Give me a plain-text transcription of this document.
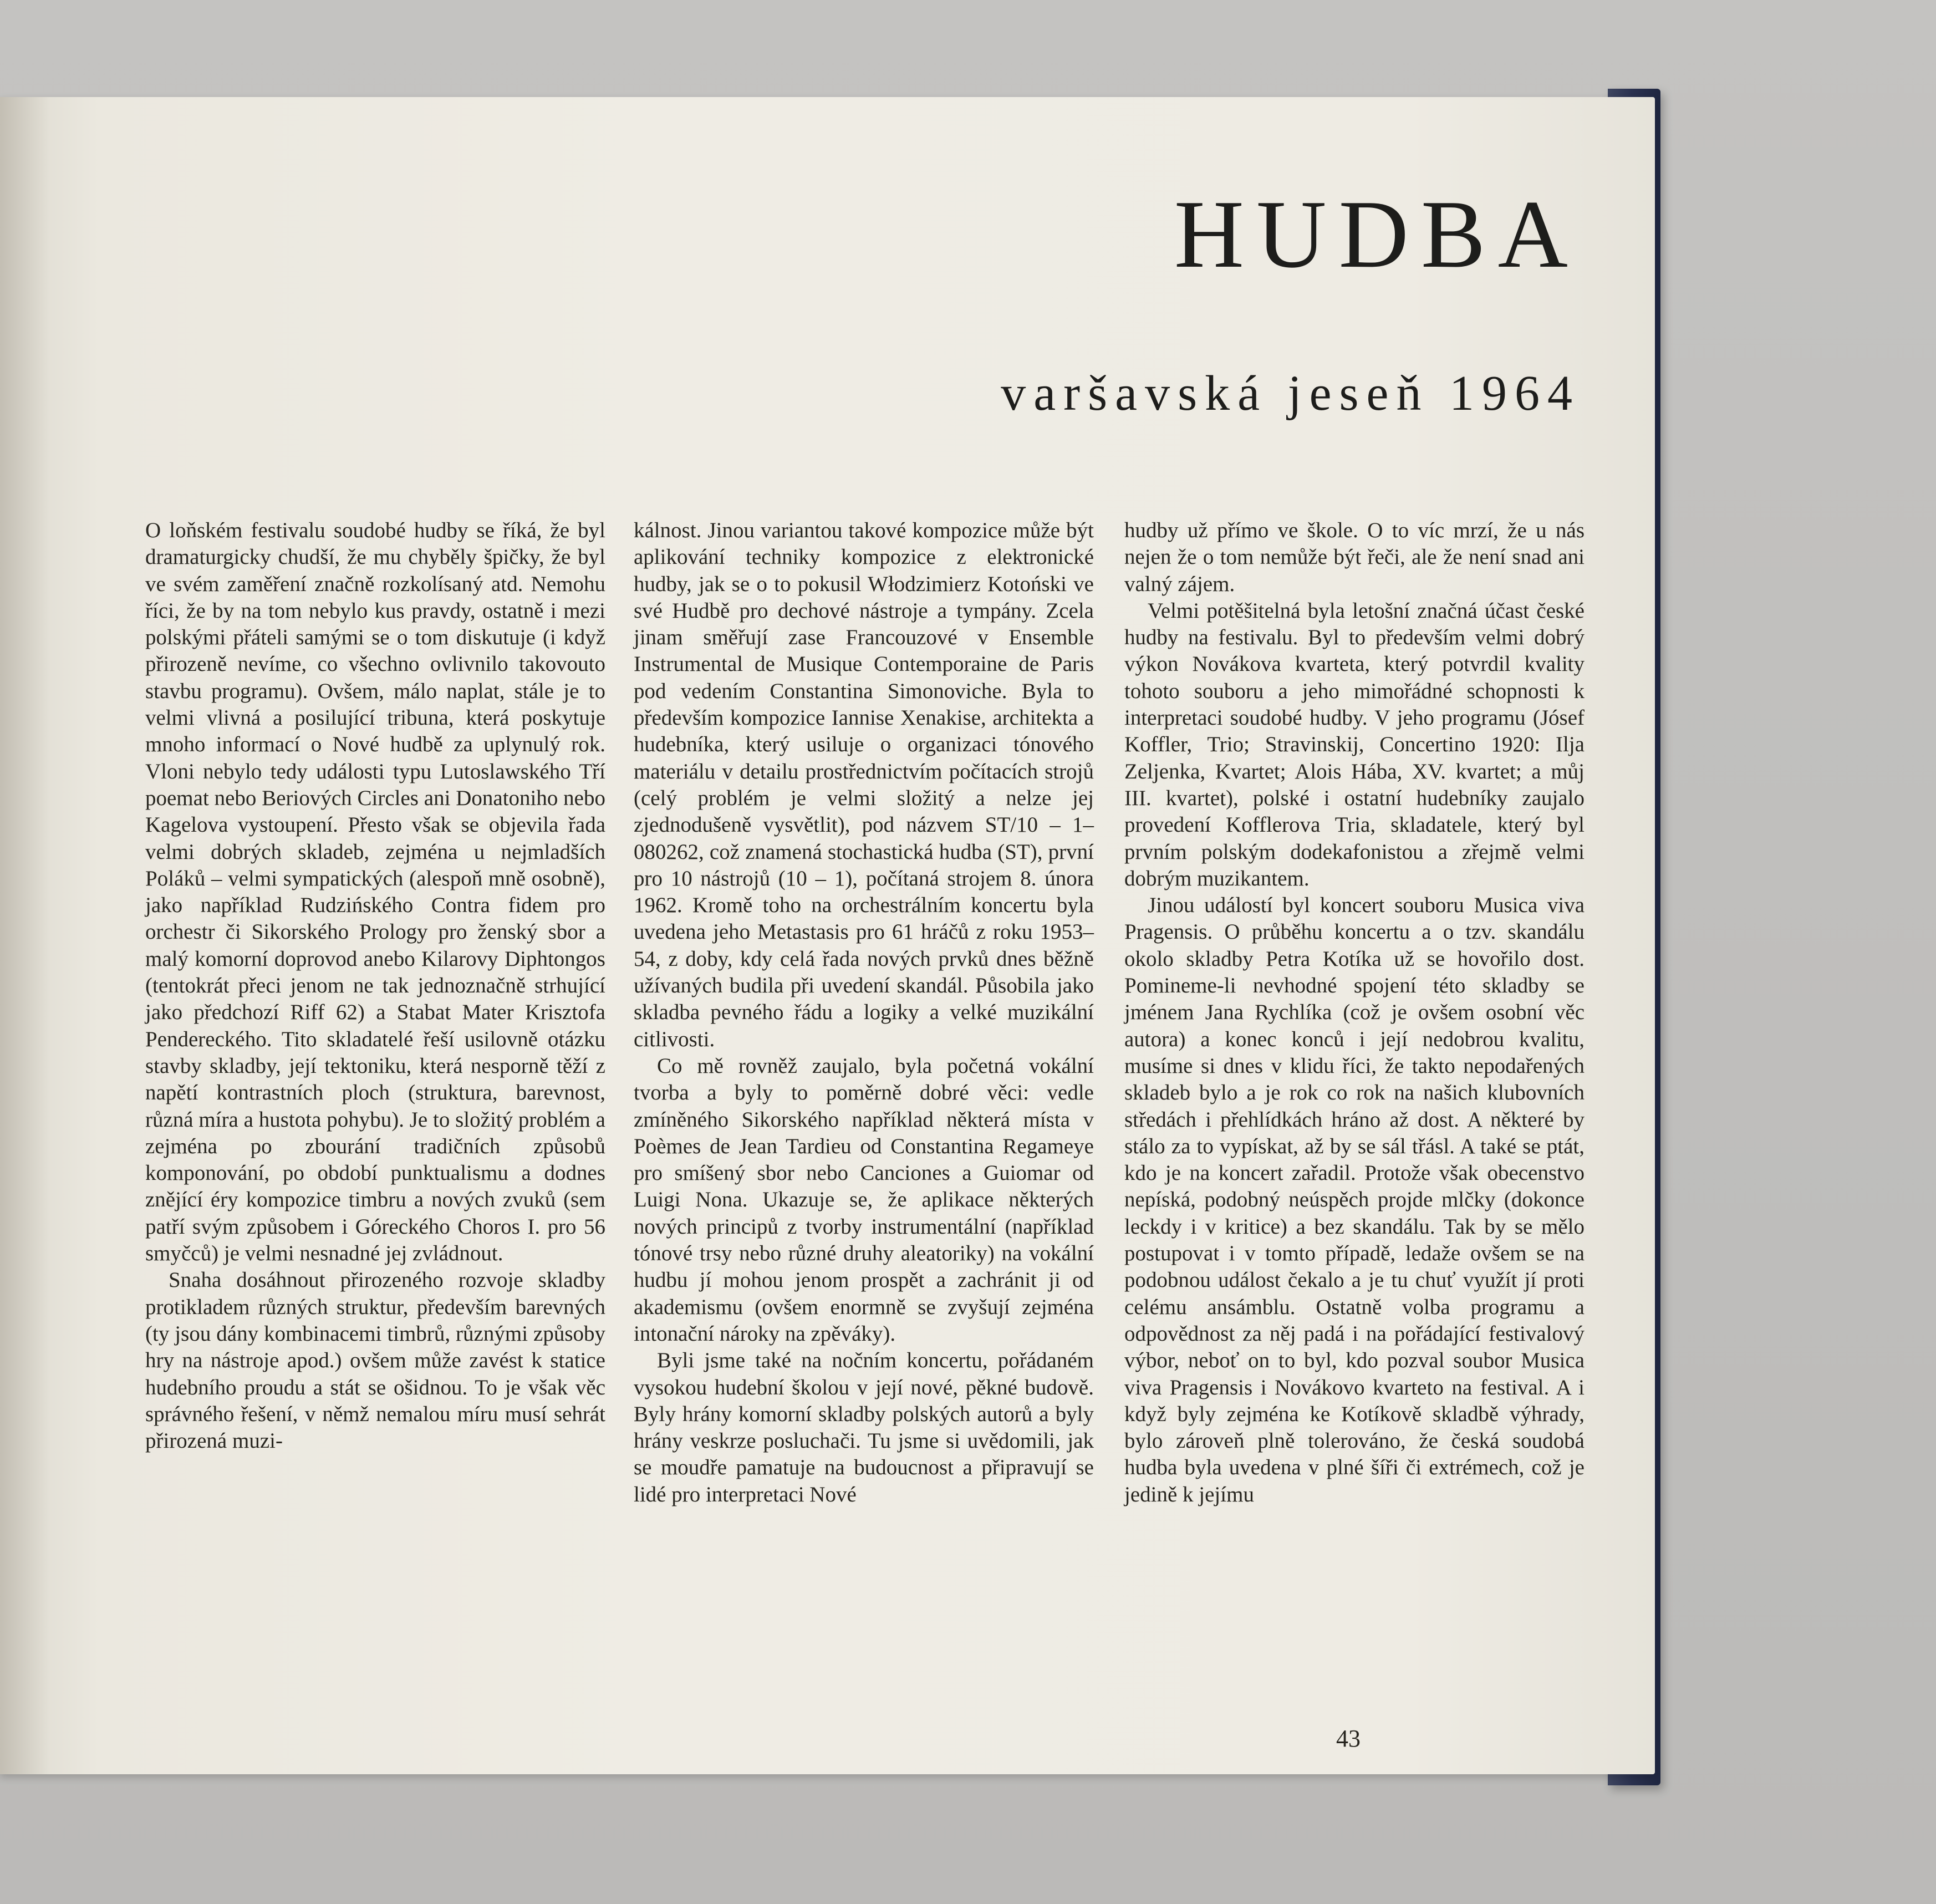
HUDBA
varšavská jeseň 1964

O loňském festivalu soudobé hudby se říká, že byl dramaturgicky chudší, že mu chyběly špičky, že byl ve svém zaměření značně rozkolísaný atd. Nemohu říci, že by na tom nebylo kus pravdy, ostatně i mezi polskými přáteli samými se o tom diskutuje (i když přirozeně nevíme, co všechno ovlivnilo takovouto stavbu programu). Ovšem, málo naplat, stále je to velmi vlivná a posilující tribuna, která poskytuje mnoho informací o Nové hudbě za uplynulý rok. Vloni nebylo tedy události typu Lutoslawského Tří poemat nebo Beriových Circles ani Donatoniho nebo Kagelova vystoupení. Přesto však se objevila řada velmi dobrých skladeb, zejména u nejmladších Poláků – velmi sympatických (alespoň mně osobně), jako například Rudzińského Contra fidem pro orchestr či Sikorského Prology pro ženský sbor a malý komorní doprovod anebo Kilarovy Diphtongos (tentokrát přeci jenom ne tak jednoznačně strhující jako předchozí Riff 62) a Stabat Mater Krisztofa Pendereckého. Tito skladatelé řeší usilovně otázku stavby skladby, její tektoniku, která nesporně těží z napětí kontrastních ploch (struktura, barevnost, různá míra a hustota pohybu). Je to složitý problém a zejména po zbourání tradičních způsobů komponování, po období punktualismu a dodnes znějící éry kompozice timbru a nových zvuků (sem patří svým způsobem i Góreckého Choros I. pro 56 smyčců) je velmi nesnadné jej zvládnout.

Snaha dosáhnout přirozeného rozvoje skladby protikladem různých struktur, především barevných (ty jsou dány kombinacemi timbrů, různými způsoby hry na nástroje apod.) ovšem může zavést k statice hudebního proudu a stát se ošidnou. To je však věc správného řešení, v němž nemalou míru musí sehrát přirozená muzi-

kálnost. Jinou variantou takové kompozice může být aplikování techniky kompozice z elektronické hudby, jak se o to pokusil Włodzimierz Kotoński ve své Hudbě pro dechové nástroje a tympány. Zcela jinam směřují zase Francouzové v Ensemble Instrumental de Musique Contemporaine de Paris pod vedením Constantina Simonoviche. Byla to především kompozice Iannise Xenakise, architekta a hudebníka, který usiluje o organizaci tónového materiálu v detailu prostřednictvím počítacích strojů (celý problém je velmi složitý a nelze jej zjednodušeně vysvětlit), pod názvem ST/10 – 1– 080262, což znamená stochastická hudba (ST), první pro 10 nástrojů (10 – 1), počítaná strojem 8. února 1962. Kromě toho na orchestrálním koncertu byla uvedena jeho Metastasis pro 61 hráčů z roku 1953–54, z doby, kdy celá řada nových prvků dnes běžně užívaných budila při uvedení skandál. Působila jako skladba pevného řádu a logiky a velké muzikální citlivosti.

Co mě rovněž zaujalo, byla početná vokální tvorba a byly to poměrně dobré věci: vedle zmíněného Sikorského například některá místa v Poèmes de Jean Tardieu od Constantina Regameye pro smíšený sbor nebo Canciones a Guiomar od Luigi Nona. Ukazuje se, že aplikace některých nových principů z tvorby instrumentální (například tónové trsy nebo různé druhy aleatoriky) na vokální hudbu jí mohou jenom prospět a zachránit ji od akademismu (ovšem enormně se zvyšují zejména intonační nároky na zpěváky).

Byli jsme také na nočním koncertu, pořádaném vysokou hudební školou v její nové, pěkné budově. Byly hrány komorní skladby polských autorů a byly hrány veskrze posluchači. Tu jsme si uvědomili, jak se moudře pamatuje na budoucnost a připravují se lidé pro interpretaci Nové

hudby už přímo ve škole. O to víc mrzí, že u nás nejen že o tom nemůže být řeči, ale že není snad ani valný zájem.

Velmi potěšitelná byla letošní značná účast české hudby na festivalu. Byl to především velmi dobrý výkon Novákova kvarteta, který potvrdil kvality tohoto souboru a jeho mimořádné schopnosti k interpretaci soudobé hudby. V jeho programu (Jósef Koffler, Trio; Stravinskij, Concertino 1920: Ilja Zeljenka, Kvartet; Alois Hába, XV. kvartet; a můj III. kvartet), polské i ostatní hudebníky zaujalo provedení Kofflerova Tria, skladatele, který byl prvním polským dodekafonistou a zřejmě velmi dobrým muzikantem.

Jinou událostí byl koncert souboru Musica viva Pragensis. O průběhu koncertu a o tzv. skandálu okolo skladby Petra Kotíka už se hovořilo dost. Pomineme-li nevhodné spojení této skladby se jménem Jana Rychlíka (což je ovšem osobní věc autora) a konec konců i její nedobrou kvalitu, musíme si dnes v klidu říci, že takto nepodařených skladeb bylo a je rok co rok na našich klubovních středách i přehlídkách hráno až dost. A některé by stálo za to vypískat, až by se sál třásl. A také se ptát, kdo je na koncert zařadil. Protože však obecenstvo nepíská, podobný neúspěch projde mlčky (dokonce leckdy i v kritice) a bez skandálu. Tak by se mělo postupovat i v tomto případě, ledaže ovšem se na podobnou událost čekalo a je tu chuť využít jí proti celému ansámblu. Ostatně volba programu a odpovědnost za něj padá i na pořádající festivalový výbor, neboť on to byl, kdo pozval soubor Musica viva Pragensis i Novákovo kvarteto na festival. A i když byly zejména ke Kotíkově skladbě výhrady, bylo zároveň plně tolerováno, že česká soudobá hudba byla uvedena v plné šíři či extrémech, což je jedině k jejímu

43
